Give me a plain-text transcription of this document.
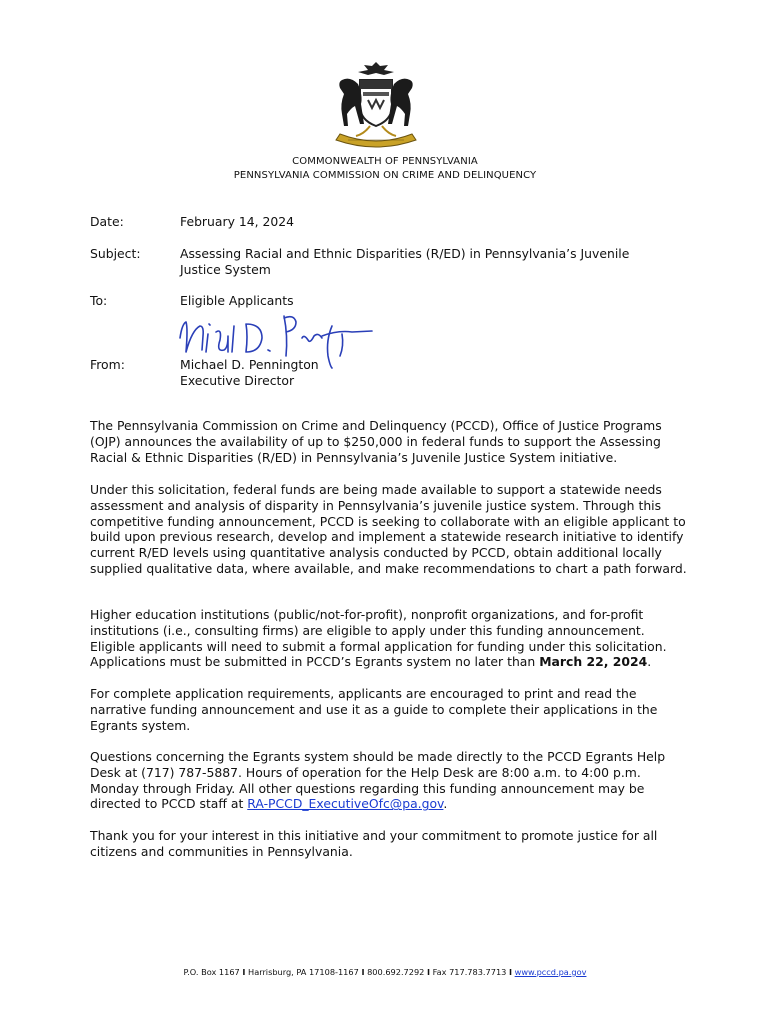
COMMONWEALTH OF PENNSYLVANIA
PENNSYLVANIA COMMISSION ON CRIME AND DELINQUENCY
Date:	February 14, 2024
Subject:	Assessing Racial and Ethnic Disparities (R/ED) in Pennsylvania’s Juvenile Justice System
To:	Eligible Applicants
From:	Michael D. Pennington
Executive Director

The Pennsylvania Commission on Crime and Delinquency (PCCD), Office of Justice Programs (OJP) announces the availability of up to $250,000 in federal funds to support the Assessing Racial & Ethnic Disparities (R/ED) in Pennsylvania’s Juvenile Justice System initiative.

Under this solicitation, federal funds are being made available to support a statewide needs assessment and analysis of disparity in Pennsylvania’s juvenile justice system. Through this competitive funding announcement, PCCD is seeking to collaborate with an eligible applicant to build upon previous research, develop and implement a statewide research initiative to identify current R/ED levels using quantitative analysis conducted by PCCD, obtain additional locally supplied qualitative data, where available, and make recommendations to chart a path forward.

Higher education institutions (public/not-for-profit), nonprofit organizations, and for-profit institutions (i.e., consulting firms) are eligible to apply under this funding announcement. Eligible applicants will need to submit a formal application for funding under this solicitation. Applications must be submitted in PCCD’s Egrants system no later than March 22, 2024.

For complete application requirements, applicants are encouraged to print and read the narrative funding announcement and use it as a guide to complete their applications in the Egrants system.

Questions concerning the Egrants system should be made directly to the PCCD Egrants Help Desk at (717) 787-5887. Hours of operation for the Help Desk are 8:00 a.m. to 4:00 p.m. Monday through Friday. All other questions regarding this funding announcement may be directed to PCCD staff at RA-PCCD_ExecutiveOfc@pa.gov.

Thank you for your interest in this initiative and your commitment to promote justice for all citizens and communities in Pennsylvania.

P.O. Box 1167 I Harrisburg, PA 17108-1167 I 800.692.7292 I Fax 717.783.7713 I www.pccd.pa.gov
